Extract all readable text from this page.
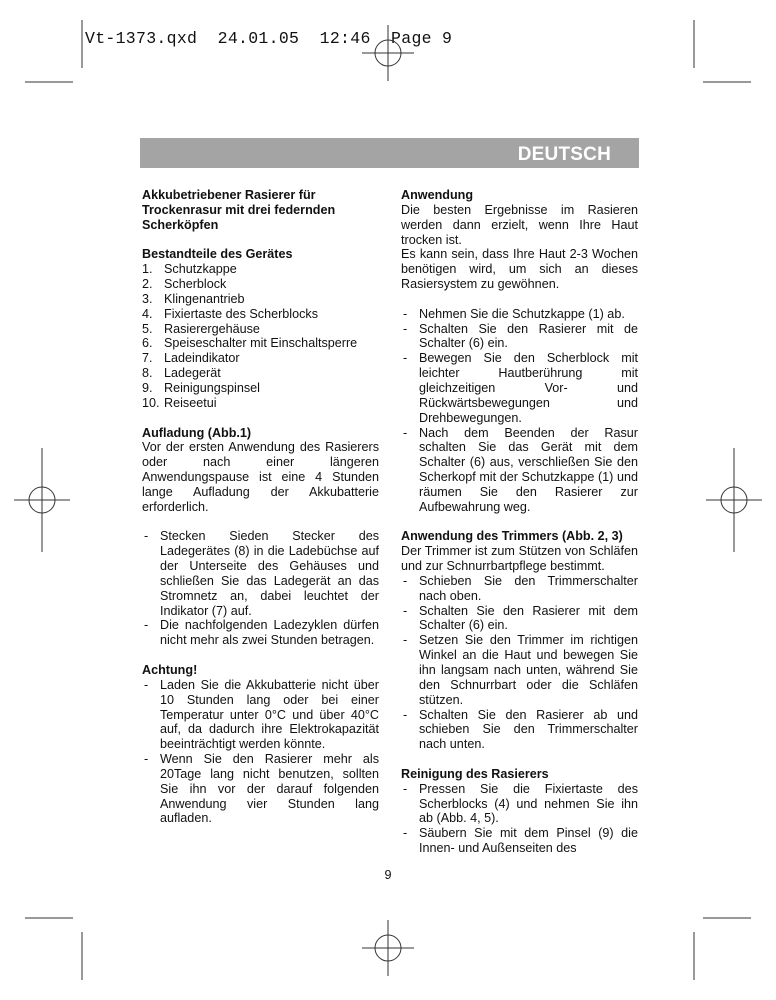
Vt-1373.qxd  24.01.05  12:46  Page 9
DEUTSCH
Akkubetriebener Rasierer für
Trockenrasur mit drei federnden
Scherköpfen
Bestandteile des Gerätes
1. Schutzkappe
2. Scherblock
3. Klingenantrieb
4. Fixiertaste des Scherblocks
5. Rasierergehäuse
6. Speiseschalter mit Einschaltsperre
7. Ladeindikator
8. Ladegerät
9. Reinigungspinsel
10. Reiseetui
Aufladung (Abb.1)
Vor der ersten Anwendung des Rasierers oder nach einer längeren Anwendungspause ist eine 4 Stunden lange Aufladung der Akkubatterie erforderlich.
- Stecken Sieden Stecker des Ladegerätes (8) in die Ladebüchse auf der Unterseite des Gehäuses und schließen Sie das Ladegerät an das Stromnetz an, dabei leuchtet der Indikator (7) auf.
- Die nachfolgenden Ladezyklen dürfen nicht mehr als zwei Stunden betragen.
Achtung!
- Laden Sie die Akkubatterie nicht über 10 Stunden lang oder bei einer Temperatur unter 0°C und über 40°C auf, da dadurch ihre Elektrokapazität beeinträchtigt werden könnte.
- Wenn Sie den Rasierer mehr als 20Tage lang nicht benutzen, sollten Sie ihn vor der darauf folgenden Anwendung vier Stunden lang aufladen.
Anwendung
Die besten Ergebnisse im Rasieren werden dann erzielt, wenn Ihre Haut trocken ist.
Es kann sein, dass Ihre Haut 2-3 Wochen benötigen wird, um sich an dieses Rasiersystem zu gewöhnen.
- Nehmen Sie die Schutzkappe (1) ab.
- Schalten Sie den Rasierer mit de Schalter (6) ein.
- Bewegen Sie den Scherblock mit leichter Hautberührung mit gleichzeitigen Vor- und Rückwärtsbewegungen und Drehbewegungen.
- Nach dem Beenden der Rasur schalten Sie das Gerät mit dem Schalter (6) aus, verschließen Sie den Scherkopf mit der Schutzkappe (1) und räumen Sie den Rasierer zur Aufbewahrung weg.
Anwendung des Trimmers (Abb. 2, 3)
Der Trimmer ist zum Stützen von Schläfen und zur Schnurrbartpflege bestimmt.
- Schieben Sie den Trimmerschalter nach oben.
- Schalten Sie den Rasierer mit dem Schalter (6) ein.
- Setzen Sie den Trimmer im richtigen Winkel an die Haut und bewegen Sie ihn langsam nach unten, während Sie den Schnurrbart oder die Schläfen stützen.
- Schalten Sie den Rasierer ab und schieben Sie den Trimmerschalter nach unten.
Reinigung des Rasierers
- Pressen Sie die Fixiertaste des Scherblocks (4) und nehmen Sie ihn ab (Abb. 4, 5).
- Säubern Sie mit dem Pinsel (9) die Innen- und Außenseiten des
9
